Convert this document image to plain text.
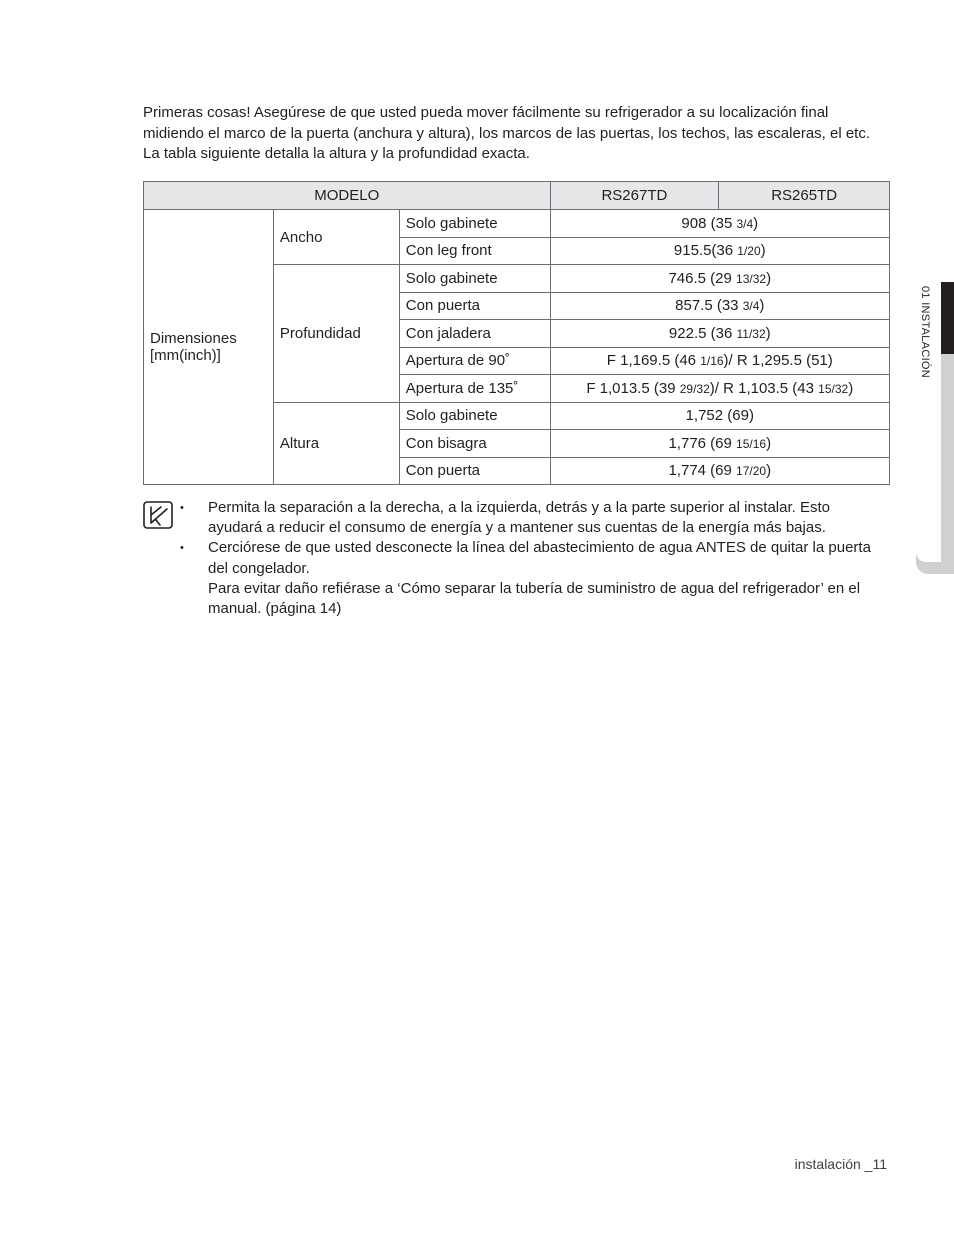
Primeras cosas! Asegúrese de que usted pueda mover fácilmente su refrigerador a su localización final midiendo el marco de la puerta (anchura y altura), los marcos de las puertas, los techos, las escaleras, el etc. La tabla siguiente detalla la altura y la profundidad exacta.

MODELO			RS267TD	RS265TD
Dimensiones [mm(inch)]	Ancho	Solo gabinete	908 (35 3/4)	
		Con leg front	915.5(36 1/20)	
	Profundidad	Solo gabinete	746.5 (29 13/32)	
		Con puerta	857.5 (33 3/4)	
		Con jaladera	922.5 (36 11/32)	
		Apertura de 90˚	F 1,169.5 (46 1/16)/ R 1,295.5 (51)	
		Apertura de 135˚	F 1,013.5 (39 29/32)/ R 1,103.5 (43 15/32)	
	Altura	Solo gabinete	1,752 (69)	
		Con bisagra	1,776 (69 15/16)	
		Con puerta	1,774 (69 17/20)	
• Permita la separación a la derecha, a la izquierda, detrás y a la parte superior al instalar. Esto ayudará a reducir el consumo de energía y a mantener sus cuentas de la energía más bajas.
• Cerciórese de que usted desconecte la línea del abastecimiento de agua ANTES de quitar la puerta del congelador.
Para evitar daño refiérase a ‘Cómo separar la tubería de suministro de agua del refrigerador’ en el manual. (página 14)
01 INSTALACIÓN
instalación _11
